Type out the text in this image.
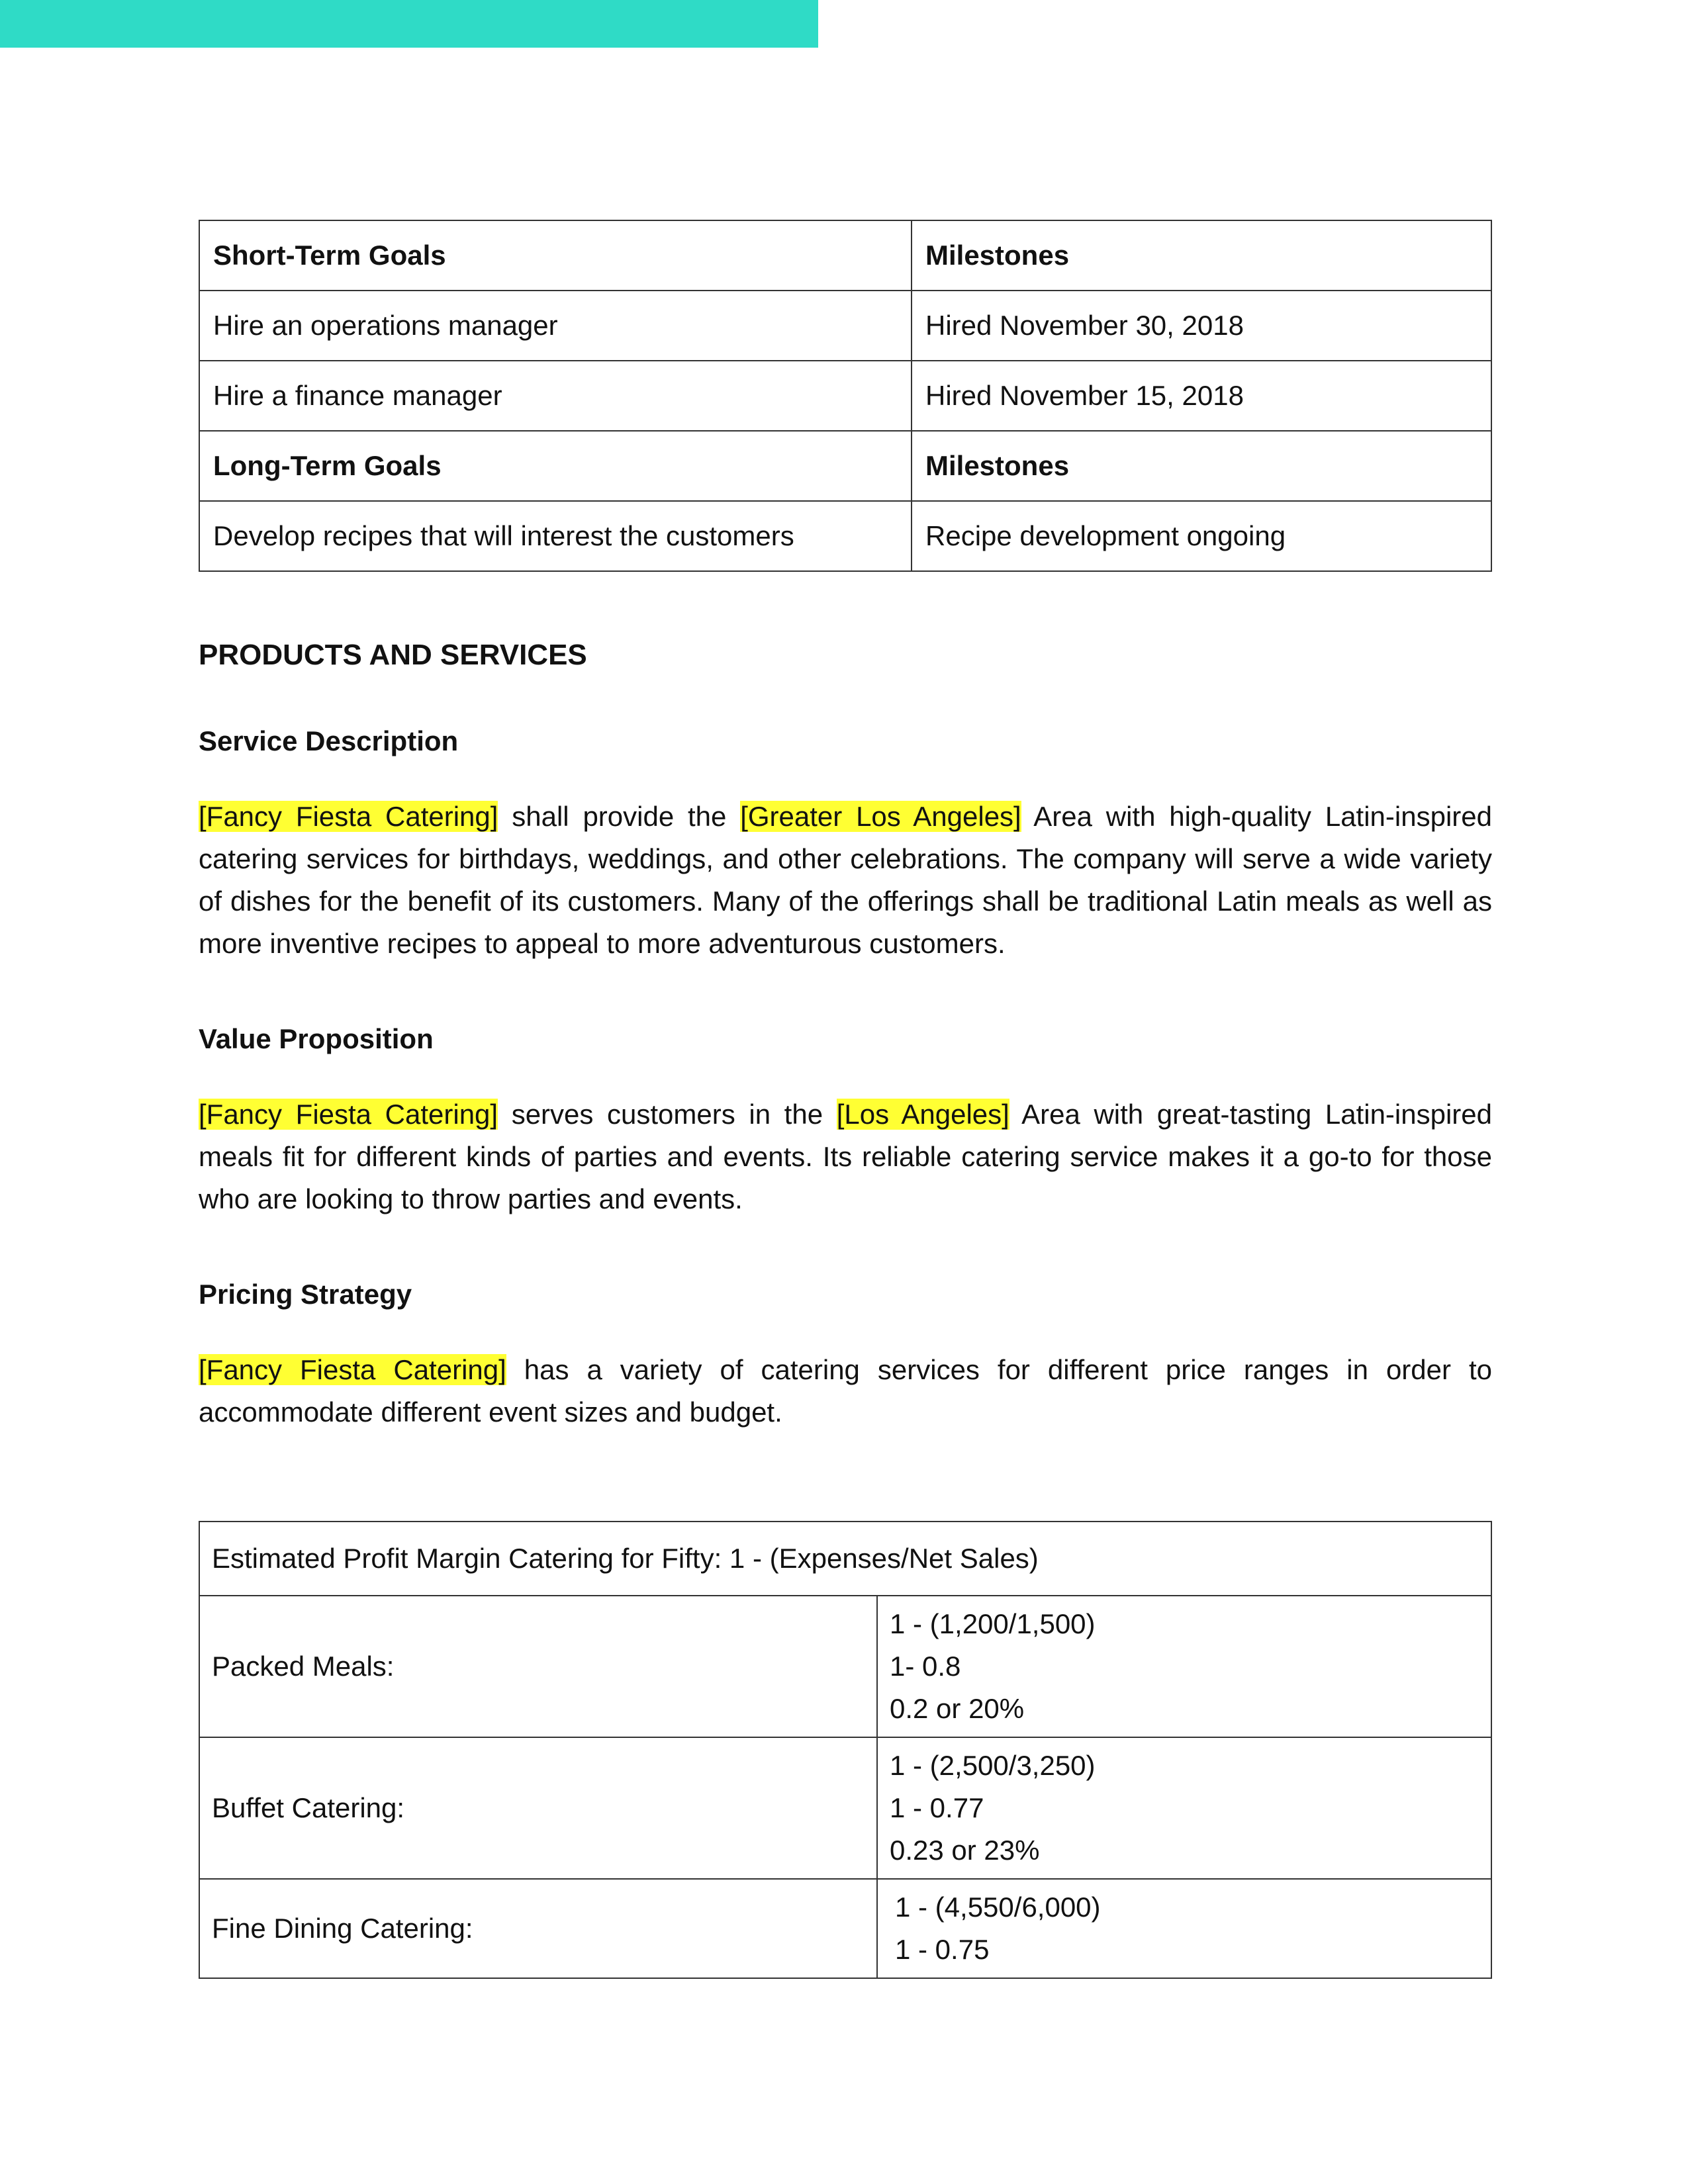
Short-Term Goals	Milestones
Hire an operations manager	Hired November 30, 2018
Hire a finance manager	Hired November 15, 2018
Long-Term Goals	Milestones
Develop recipes that will interest the customers	Recipe development ongoing
PRODUCTS AND SERVICES
Service Description
[Fancy Fiesta Catering] shall provide the [Greater Los Angeles] Area with high-quality Latin-inspired catering services for birthdays, weddings, and other celebrations. The company will serve a wide variety of dishes for the benefit of its customers. Many of the offerings shall be traditional Latin meals as well as more inventive recipes to appeal to more adventurous customers.
Value Proposition
[Fancy Fiesta Catering] serves customers in the [Los Angeles] Area with great-tasting Latin-inspired meals fit for different kinds of parties and events. Its reliable catering service makes it a go-to for those who are looking to throw parties and events.
Pricing Strategy
[Fancy Fiesta Catering] has a variety of catering services for different price ranges in order to accommodate different event sizes and budget.
Estimated Profit Margin Catering for Fifty: 1 - (Expenses/Net Sales)	
Packed Meals:	1 - (1,200/1,500)
1- 0.8
0.2 or 20%

Buffet Catering:	1 - (2,500/3,250)
1 - 0.77
0.23 or 23%

Fine Dining Catering:	1 - (4,550/6,000)
1 - 0.75
